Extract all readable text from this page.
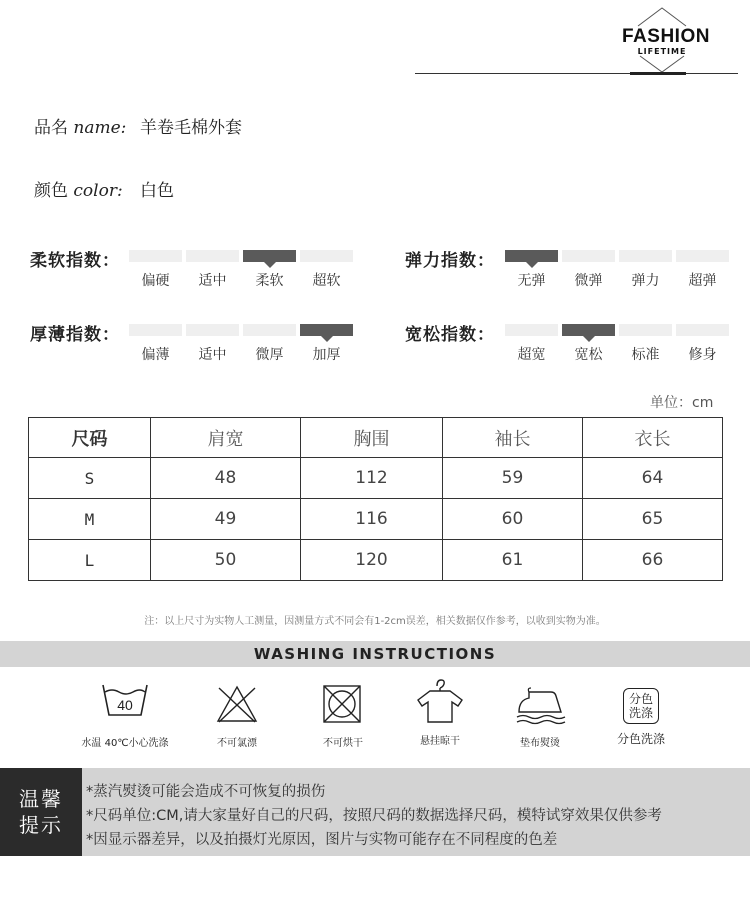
FASHION
LIFETIME
品名 name: 羊卷毛棉外套
颜色 color: 白色
柔软指数：
厚薄指数：
弹力指数：
宽松指数：
单位：cm
尺码	肩宽	胸围	袖长	衣长
S	48	112	59	64
M	49	116	60	65
L	50	120	61	66
注：以上尺寸为实物人工测量，因测量方式不同会有1-2cm误差，相关数据仅作参考，以收到实物为准。
WASHING INSTRUCTIONS
40
水温 40℃小心洗涤	不可氯漂	不可烘干	悬挂晾干	垫布熨烫
分色
洗涤
分色洗涤
温馨
提示
*蒸汽熨烫可能会造成不可恢复的损伤
*尺码单位:CM,请大家量好自己的尺码，按照尺码的数据选择尺码，模特试穿效果仅供参考
*因显示器差异，以及拍摄灯光原因，图片与实物可能存在不同程度的色差
偏硬	适中	柔软	超软
偏薄	适中	微厚	加厚
无弹	微弹	弹力	超弹
超宽	宽松	标准	修身
